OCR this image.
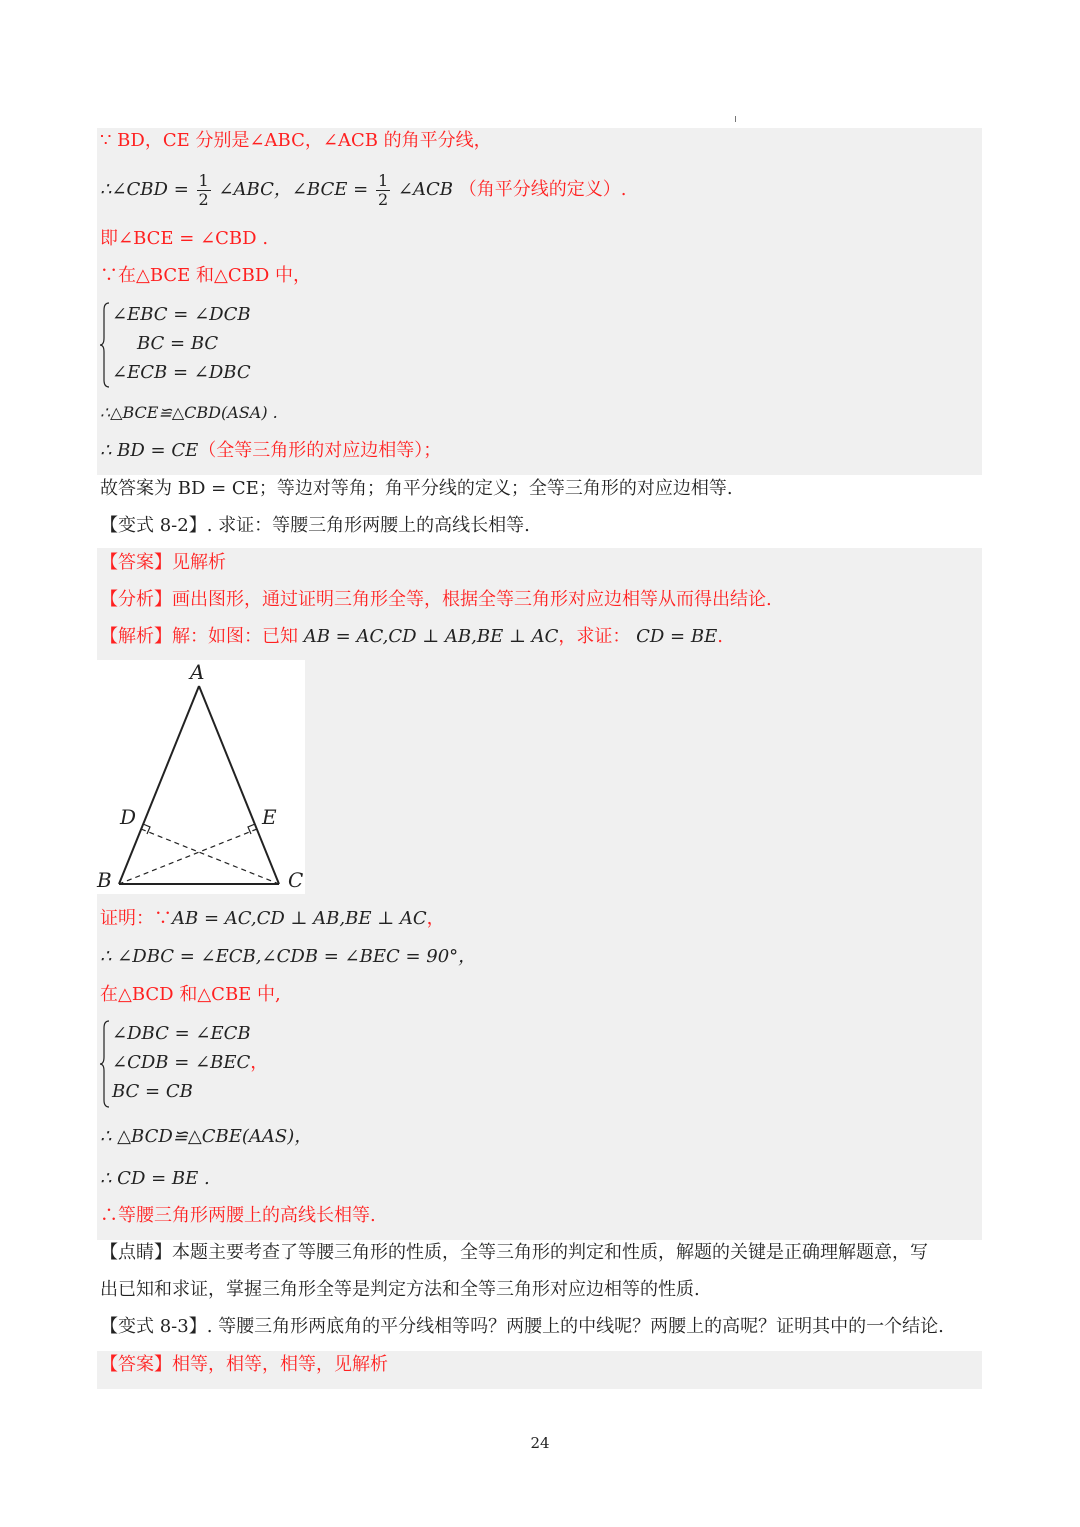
∵ BD，CE 分别是∠ABC，∠ACB 的角平分线，
∴∠CBD = $\frac{1}{2}$ ∠ABC，∠BCE = $\frac{1}{2}$ ∠ACB （角平分线的定义）.
即∠BCE = ∠CBD .
∵在△BCE 和△CBD 中，
∠EBC = ∠DCB
BC = BC
∠ECB = ∠DBC
∴△BCE≌△CBD(ASA) .
∴ BD = CE（全等三角形的对应边相等）；
故答案为 BD = CE；等边对等角；角平分线的定义；全等三角形的对应边相等.
【变式 8-2】. 求证：等腰三角形两腰上的高线长相等.
【答案】见解析
【分析】画出图形，通过证明三角形全等，根据全等三角形对应边相等从而得出结论.
【解析】解：如图：已知 AB = AC,CD ⊥ AB,BE ⊥ AC，求证： CD = BE.
A
D	E
B	C
证明：∵AB = AC,CD ⊥ AB,BE ⊥ AC，
∴ ∠DBC = ∠ECB,∠CDB = ∠BEC = 90°，
在△BCD 和△CBE 中,
∠DBC = ∠ECB
∠CDB = ∠BEC，
BC = CB
∴ △BCD≌△CBE(AAS)，
∴ CD = BE .
∴等腰三角形两腰上的高线长相等.
【点睛】本题主要考查了等腰三角形的性质，全等三角形的判定和性质，解题的关键是正确理解题意，写
出已知和求证，掌握三角形全等是判定方法和全等三角形对应边相等的性质.
【变式 8-3】. 等腰三角形两底角的平分线相等吗？两腰上的中线呢？两腰上的高呢？证明其中的一个结论.
【答案】相等，相等，相等，见解析
24
